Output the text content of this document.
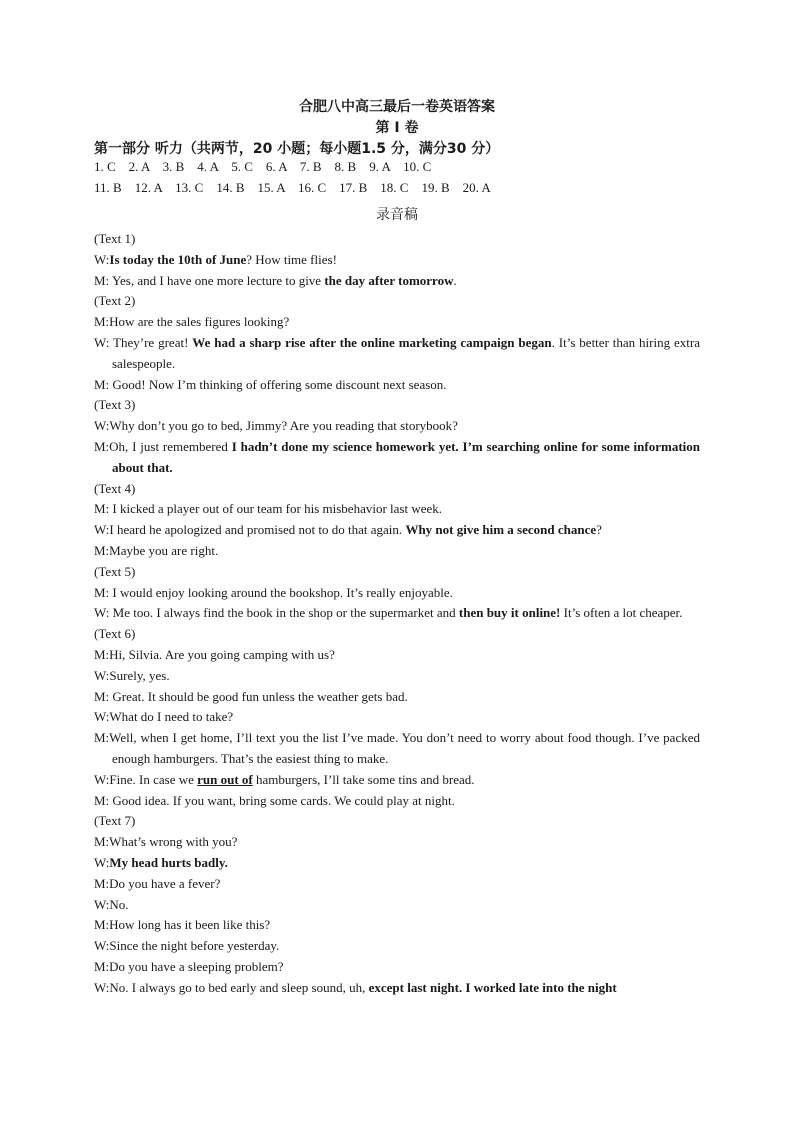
合肥八中高三最后一卷英语答案
第 I 卷
第一部分 听力（共两节，20 小题；每小题1.5 分，满分30 分）
1. C    2. A    3. B    4. A    5. C    6. A    7. B    8. B    9. A    10. C
11. B    12. A    13. C    14. B    15. A    16. C    17. B    18. C    19. B    20. A
录音稿
(Text 1)
W:Is today the 10th of June? How time flies!
M: Yes, and I have one more lecture to give the day after tomorrow.
(Text 2)
M:How are the sales figures looking?
W: They’re great! We had a sharp rise after the online marketing campaign began. It’s better than hiring extra salespeople.
M: Good! Now I’m thinking of offering some discount next season.
(Text 3)
W:Why don’t you go to bed, Jimmy? Are you reading that storybook?
M:Oh, I just remembered I hadn’t done my science homework yet. I’m searching online for some information about that.
(Text 4)
M: I kicked a player out of our team for his misbehavior last week.
W:I heard he apologized and promised not to do that again. Why not give him a second chance?
M:Maybe you are right.
(Text 5)
M: I would enjoy looking around the bookshop. It’s really enjoyable.
W: Me too. I always find the book in the shop or the supermarket and then buy it online! It’s often a lot cheaper.
(Text 6)
M:Hi, Silvia. Are you going camping with us?
W:Surely, yes.
M: Great. It should be good fun unless the weather gets bad.
W:What do I need to take?
M:Well, when I get home, I’ll text you the list I’ve made. You don’t need to worry about food though. I’ve packed enough hamburgers. That’s the easiest thing to make.
W:Fine. In case we run out of hamburgers, I’ll take some tins and bread.
M: Good idea. If you want, bring some cards. We could play at night.
(Text 7)
M:What’s wrong with you?
W:My head hurts badly.
M:Do you have a fever?
W:No.
M:How long has it been like this?
W:Since the night before yesterday.
M:Do you have a sleeping problem?
W:No. I always go to bed early and sleep sound, uh, except last night. I worked late into the night
